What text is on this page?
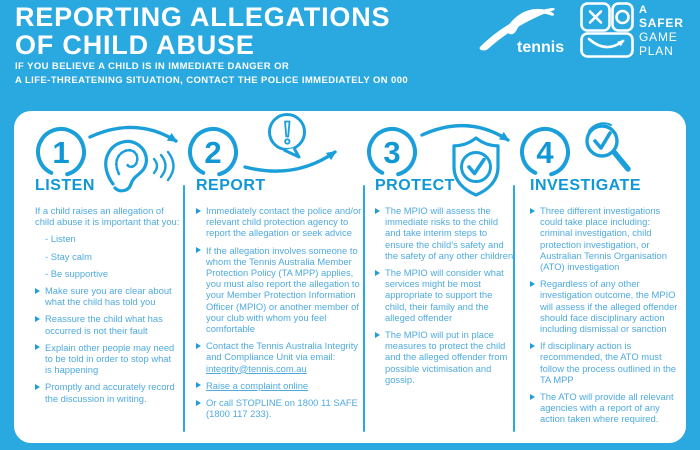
REPORTING ALLEGATIONS
OF CHILD ABUSE	tennis
A
SAFER
GAME
PLAN

IF YOU BELIEVE A CHILD IS IN IMMEDIATE DANGER OR
A LIFE-THREATENING SITUATION, CONTACT THE POLICE IMMEDIATELY ON 000

1	2	3	4
LISTEN

If a child raises an allegation of child abuse it is important that you:

- Listen
- Stay calm
- Be supportive
Make sure you are clear about what the child has told you
Reassure the child what has occurred is not their fault
Explain other people may need to be told in order to stop what is happening
Promptly and accurately record the discussion in writing.
REPORT
Immediately contact the police and/or relevant child protection agency to report the allegation or seek advice
If the allegation involves someone to whom the Tennis Australia Member Protection Policy (TA MPP) applies, you must also report the allegation to your Member Protection Information Officer (MPIO) or another member of your club with whom you feel comfortable
Contact the Tennis Australia Integrity and Compliance Unit via email: integrity@tennis.com.au
Raise a complaint online
Or call STOPLINE on 1800 11 SAFE (1800 117 233).
PROTECT
The MPIO will assess the immediate risks to the child and take interim steps to ensure the child’s safety and the safety of any other children
The MPIO will consider what services might be most appropriate to support the child, their family and the alleged offender
The MPIO will put in place measures to protect the child and the alleged offender from possible victimisation and gossip.
INVESTIGATE
Three different investigations could take place including: criminal investigation, child protection investigation, or Australian Tennis Organisation (ATO) investigation
Regardless of any other investigation outcome, the MPIO will assess if the alleged offender should face disciplinary action including dismissal or sanction
If disciplinary action is recommended, the ATO must follow the process outlined in the TA MPP
The ATO will provide all relevant agencies with a report of any action taken where required.
